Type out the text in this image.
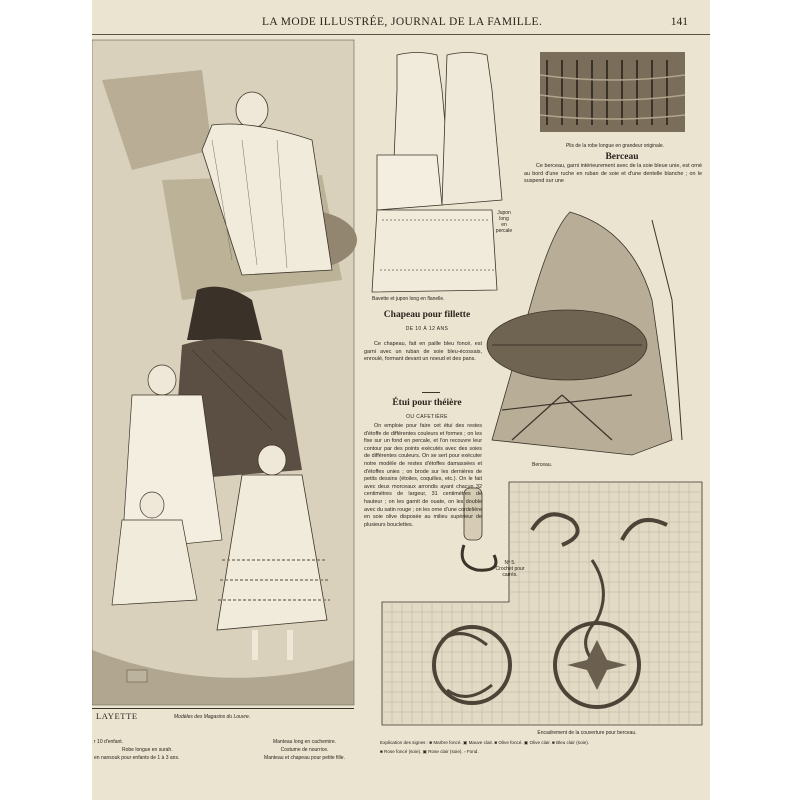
LA MODE ILLUSTRÉE, JOURNAL DE LA FAMILLE.	141
Bavette et jupon long en flanelle.
Jupon
long
en
percale
Plis de la robe longue en grandeur originale.
Berceau.
Nº 5.
Crochet pour
carrés.
Encadrement de la couverture pour berceau.
Explication des signes : ■ Marbre foncé. ▣ Mauve clair. ■ Olive foncé. ▣ Olive clair. ■ Bleu clair (soie).
■ Rose foncé (soie). ▣ Rose clair (soie). ▫ Fond.
LAYETTE	Modèles des Magasins du Louvre.
r 10 d'enfant.
Robe longue en surah.
en nansouk pour enfants de 1 à 3 ans.
Manteau long en cachemire.
Costume de nourrice.
Manteau et chapeau pour petite fille.
Berceau
Ce berceau, garni intérieurement avec de la soie bleue unie, est orné au bord d'une ruche en ruban de soie et d'une dentelle blanche ; on le suspend sur une
Chapeau pour fillette
DE 10 À 12 ANS
Ce chapeau, fait en paille bleu foncé, est garni avec un ruban de soie bleu-écossais, enroulé, formant devant un noeud et des pans.
Étui pour théière
OU CAFETIÈRE
On emploie pour faire cet étui des restes d'étoffe de différentes couleurs et formes ; on les fixe sur un fond en percale, et l'on recouvre leur contour par des points exécutés avec des soies de différentes couleurs. On se sert pour exécuter notre modèle de restes d'étoffes damassées et d'étoffes unies ; on brode sur les dernières de petits dessins (étoiles, coquilles, etc.). On le fait avec deux morceaux arrondis ayant chacun 32 centimètres de largeur, 31 centimètres de hauteur ; on les garnit de ouate, on les double avec du satin rouge ; on les orne d'une cordelière en soie olive disposée au milieu supérieur de plusieurs bouclettes.
